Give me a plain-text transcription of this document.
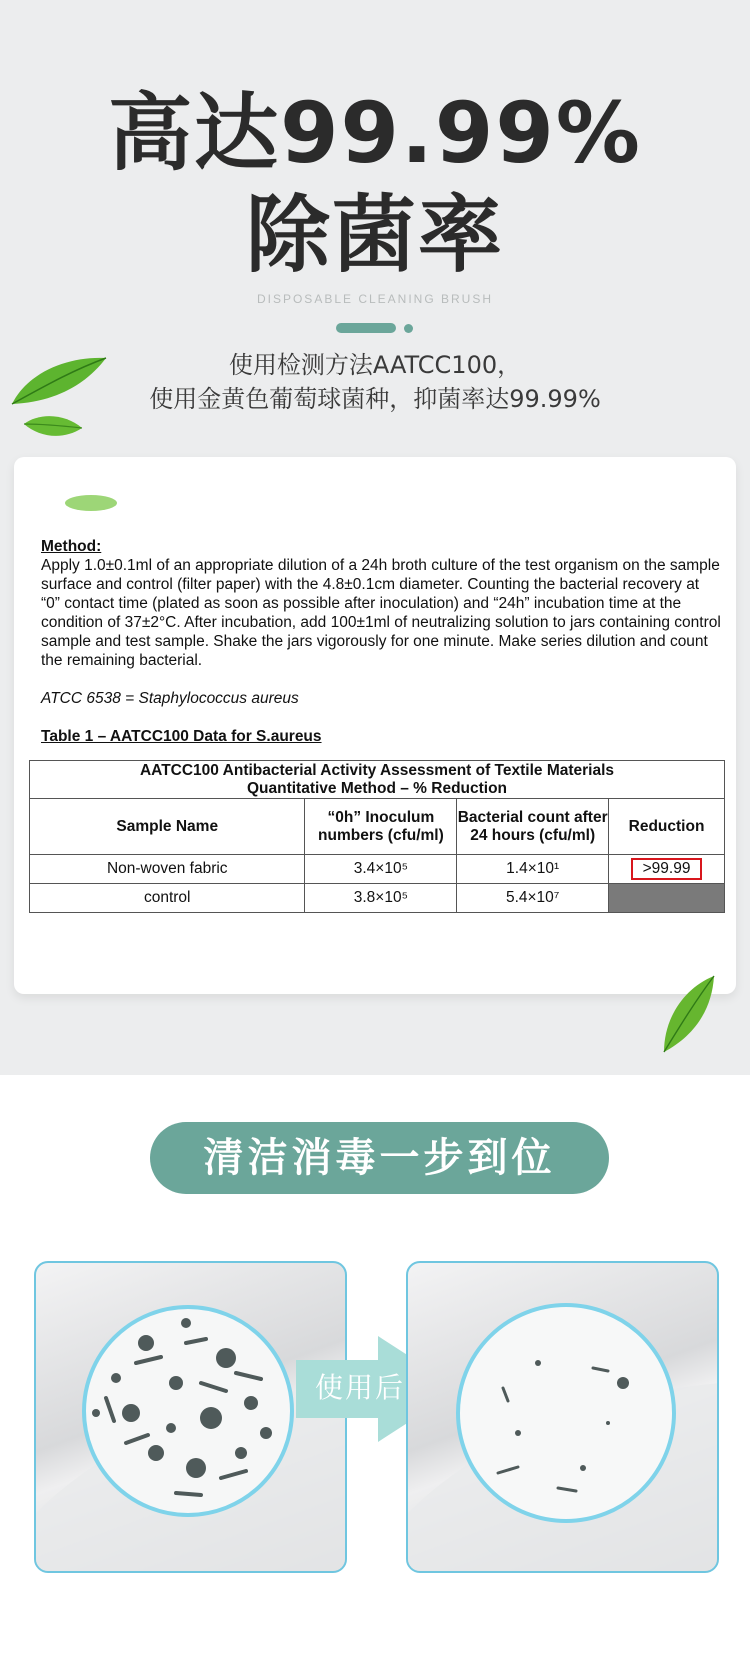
高达99.99%
除菌率
DISPOSABLE CLEANING BRUSH
使用检测方法AATCC100，
使用金黄色葡萄球菌种，抑菌率达99.99%
Method:
Apply 1.0±0.1ml of an appropriate dilution of a 24h broth culture of the test organism on the sample surface and control (filter paper) with the 4.8±0.1cm diameter. Counting the bacterial recovery at “0” contact time (plated as soon as possible after inoculation) and “24h” incubation time at the condition of 37±2°C. After incubation, add 100±1ml of neutralizing solution to jars containing control sample and test sample. Shake the jars vigorously for one minute. Make series dilution and count the remaining bacterial.
ATCC 6538 = Staphylococcus aureus
Table 1 – AATCC100 Data for S.aureus
AATCC100 Antibacterial Activity Assessment of Textile Materials
Quantitative Method – % Reduction			

Sample Name	“0h” Inoculum numbers (cfu/ml)	Bacterial count after 24 hours (cfu/ml)	Reduction
Non-woven fabric	3.4×10⁵	1.4×10¹	>99.99
control	3.8×10⁵	5.4×10⁷	
清洁消毒一步到位
使用后
